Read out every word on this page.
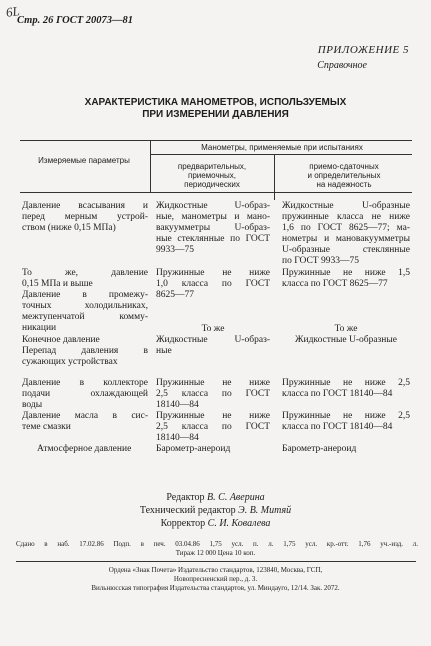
6L
Стр. 26 ГОСТ 20073—81
ПРИЛОЖЕНИЕ 5
Справочное
ХАРАКТЕРИСТИКА МАНОМЕТРОВ, ИСПОЛЬЗУЕМЫХ
ПРИ ИЗМЕРЕНИИ ДАВЛЕНИЯ
Измеряемые параметры
Манометры, применяемые при испытаниях
предварительных,
приемочных,
периодических
приемо-сдаточных
и определительных
на надежность
Давление всасывания и
перед мерным устрой-
ством (ниже 0,15 МПа)
Жидкостные U-образ-
ные, манометры и мано-
вакуумметры U-образ-
ные стеклянные по ГОСТ
9933—75
Жидкостные U-образные
пружинные класса не ниже
1,6 по ГОСТ 8625—77; ма-
нометры и мановакуумметры
U-образные стеклянные
по ГОСТ 9933—75
То же, давление
0,15 МПа и выше
Давление в промежу-
точных холодильниках,
межтупенчатой комму-
никации
Пружинные не ниже
1,0 класса по ГОСТ
8625—77
Пружинные не ниже 1,5
класса по ГОСТ 8625—77
Конечное давление
Перепад давления в
сужающих устройствах
То же
Жидкостные U-образ-
ные
То же
Жидкостные U-образные
Давление в коллекторе
подачи охлаждающей
воды
Пружинные не ниже
2,5 класса по ГОСТ
18140—84
Пружинные не ниже 2,5
класса по ГОСТ 18140—84
Давление масла в сис-
теме смазки
Пружинные не ниже
2,5 класса по ГОСТ
18140—84
Пружинные не ниже 2,5
класса по ГОСТ 18140—84
Атмосферное давление	Барометр-анероид	Барометр-анероид
Редактор В. С. Аверина
Технический редактор Э. В. Митяй
Корректор С. И. Ковалева
Сдано в наб. 17.02.86 Подп. в печ. 03.04.86 1,75 усл. п. л. 1,75 усл. кр.-отт. 1,76 уч.-изд. л.
Тираж 12 000 Цена 10 коп.
Ордена «Знак Почета» Издательство стандартов, 123840, Москва, ГСП,
Новопресненский пер., д. 3.
Вильнюсская типография Издательства стандартов, ул. Миндауго, 12/14. Зак. 2072.
